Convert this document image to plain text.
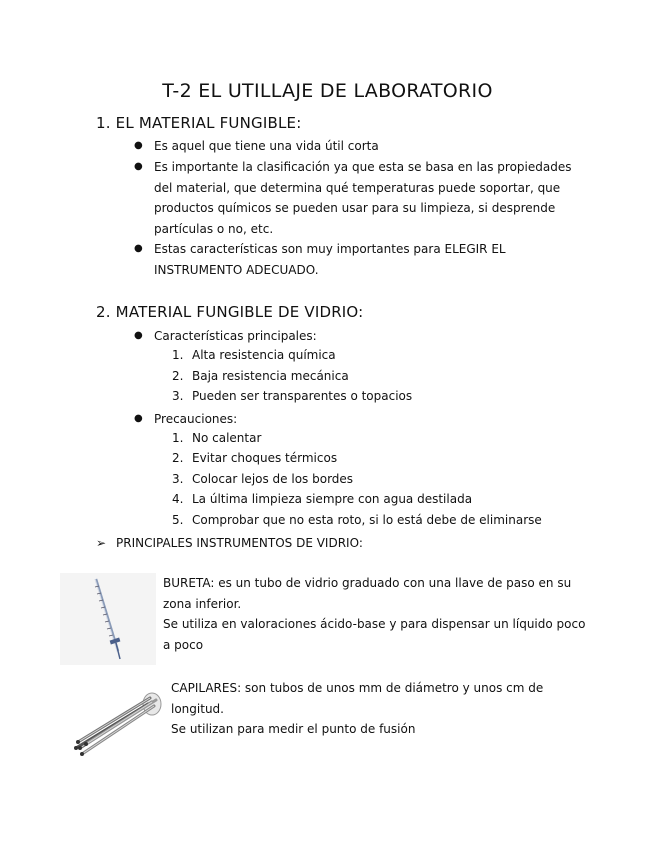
T-2 EL UTILLAJE DE LABORATORIO
1. EL MATERIAL FUNGIBLE:
● Es aquel que tiene una vida útil corta
● Es importante la clasificación ya que esta se basa en las propiedades
del material, que determina qué temperaturas puede soportar, que
productos químicos se pueden usar para su limpieza, si desprende
partículas o no, etc.
● Estas características son muy importantes para ELEGIR EL
INSTRUMENTO ADECUADO.
2. MATERIAL FUNGIBLE DE VIDRIO:
● Características principales:
1. Alta resistencia química
2. Baja resistencia mecánica
3. Pueden ser transparentes o topacios
● Precauciones:
1. No calentar
2. Evitar choques térmicos
3. Colocar lejos de los bordes
4. La última limpieza siempre con agua destilada
5. Comprobar que no esta roto, si lo está debe de eliminarse
➢ PRINCIPALES INSTRUMENTOS DE VIDRIO:
BURETA: es un tubo de vidrio graduado con una llave de paso en su
zona inferior.
Se utiliza en valoraciones ácido-base y para dispensar un líquido poco
a poco
CAPILARES: son tubos de unos mm de diámetro y unos cm de
longitud.
Se utilizan para medir el punto de fusión
